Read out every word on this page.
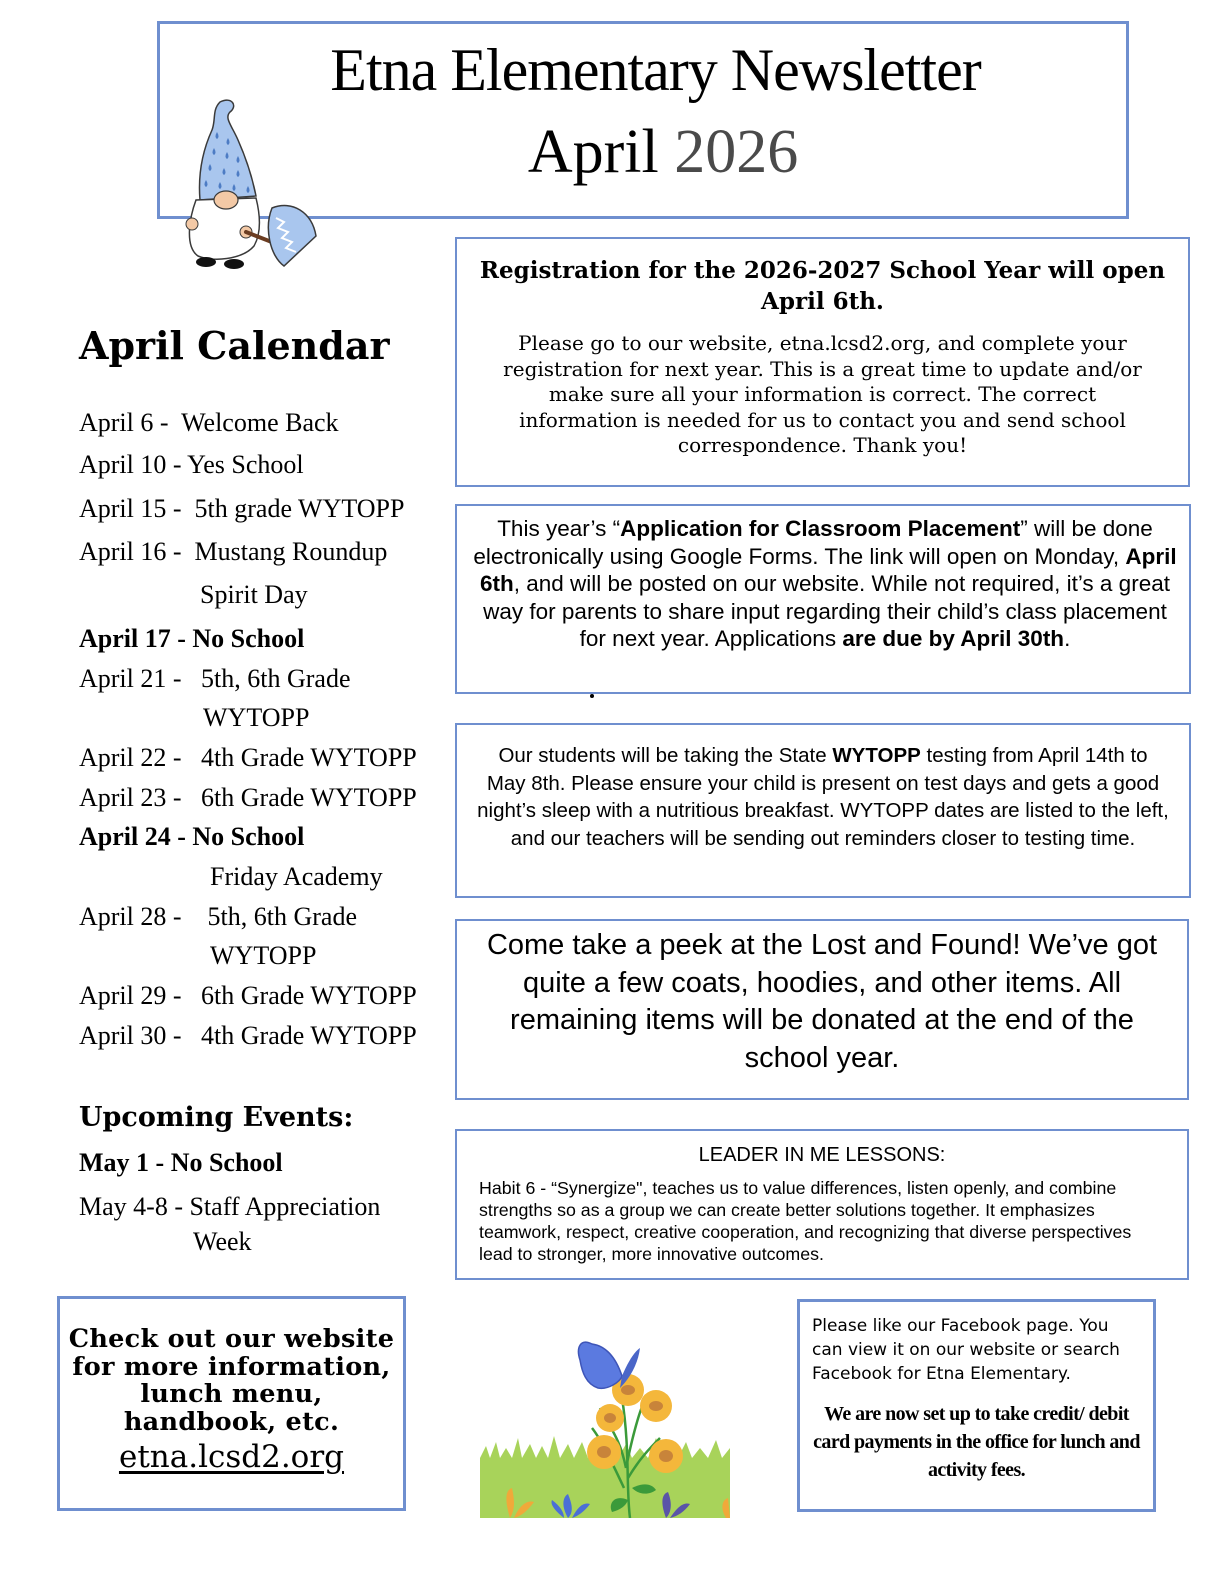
Etna Elementary Newsletter
April 2026
April Calendar
April 6 -  Welcome Back
April 10 - Yes School
April 15 -  5th grade WYTOPP
April 16 -  Mustang Roundup
Spirit Day
April 17 - No School
April 21 -   5th, 6th Grade
WYTOPP
April 22 -   4th Grade WYTOPP
April 23 -   6th Grade WYTOPP
April 24 - No School
Friday Academy
April 28 -    5th, 6th Grade
WYTOPP
April 29 -   6th Grade WYTOPP
April 30 -   4th Grade WYTOPP
Upcoming Events:
May 1 - No School
May 4-8 - Staff Appreciation
Week
Registration for the 2026-2027 School Year will open April 6th.
Please go to our website, etna.lcsd2.org, and complete your registration for next year. This is a great time to update and/or make sure all your information is correct. The correct information is needed for us to contact you and send school correspondence. Thank you!
This year’s “Application for Classroom Placement” will be done electronically using Google Forms. The link will open on Monday, April 6th, and will be posted on our website. While not required, it’s a great way for parents to share input regarding their child’s class placement for next year. Applications are due by April 30th.
Our students will be taking the State WYTOPP testing from April 14th to May 8th. Please ensure your child is present on test days and gets a good night’s sleep with a nutritious breakfast. WYTOPP dates are listed to the left, and our teachers will be sending out reminders closer to testing time.
Come take a peek at the Lost and Found! We’ve got quite a few coats, hoodies, and other items. All remaining items will be donated at the end of the school year.
LEADER IN ME LESSONS:
Habit 6 - “Synergize", teaches us to value differences, listen openly, and combine strengths so as a group we can create better solutions together. It emphasizes teamwork, respect, creative cooperation, and recognizing that diverse perspectives lead to stronger, more innovative outcomes.
Check out our website for more information, lunch menu, handbook, etc.
etna.lcsd2.org
Please like our Facebook page. You can view it on our website or search Facebook for Etna Elementary.
We are now set up to take credit/ debit card payments in the office for lunch and activity fees.
